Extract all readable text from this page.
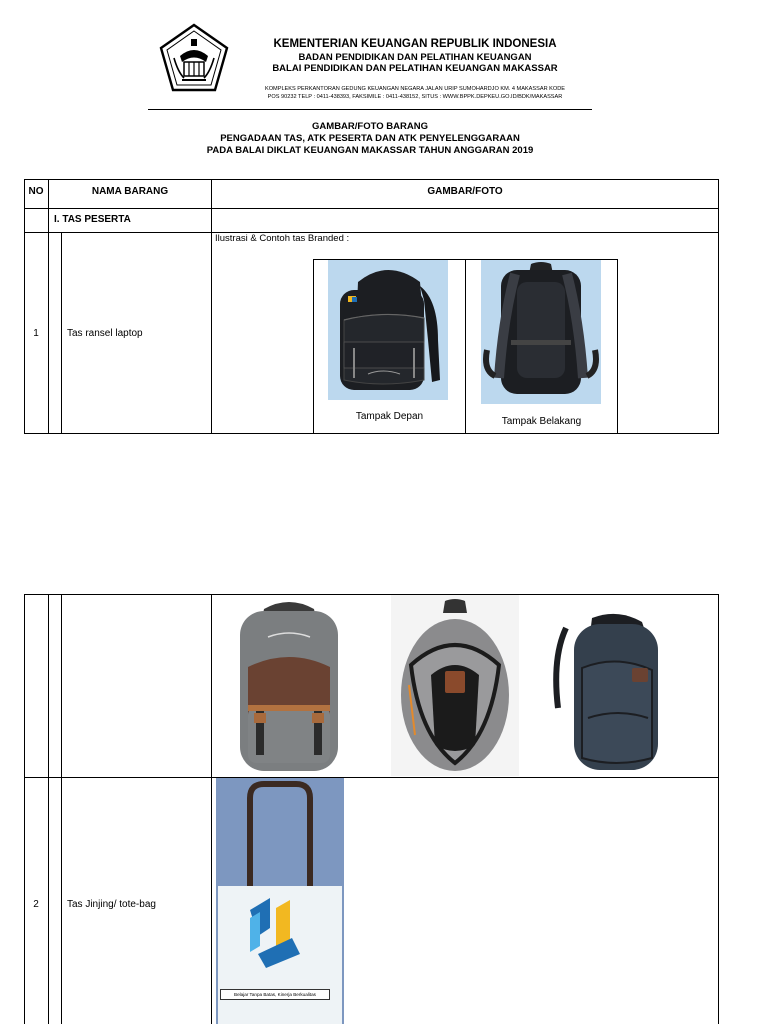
KEMENTERIAN KEUANGAN REPUBLIK INDONESIA
BADAN PENDIDIKAN DAN PELATIHAN KEUANGAN
BALAI PENDIDIKAN DAN PELATIHAN KEUANGAN MAKASSAR
KOMPLEKS PERKANTORAN GEDUNG KEUANGAN NEGARA JALAN URIP SUMOHARDJO KM. 4 MAKASSAR KODE
POS 90232 TELP : 0411-438393, FAKSIMILE : 0411-438152, SITUS : WWW.BPPK.DEPKEU.GO.ID/BDK/MAKASSAR
GAMBAR/FOTO BARANG
PENGADAAN TAS, ATK PESERTA DAN ATK PENYELENGGARAAN
PADA BALAI DIKLAT KEUANGAN MAKASSAR TAHUN ANGGARAN 2019
NO	NAMA BARANG	GAMBAR/FOTO
I. TAS PESERTA
1	Tas ransel laptop
Ilustrasi & Contoh tas Branded :
Tampak Depan	Tampak Belakang
2	Tas Jinjing/ tote-bag
Belajar Tanpa Batas, Kinerja Berkualitas
